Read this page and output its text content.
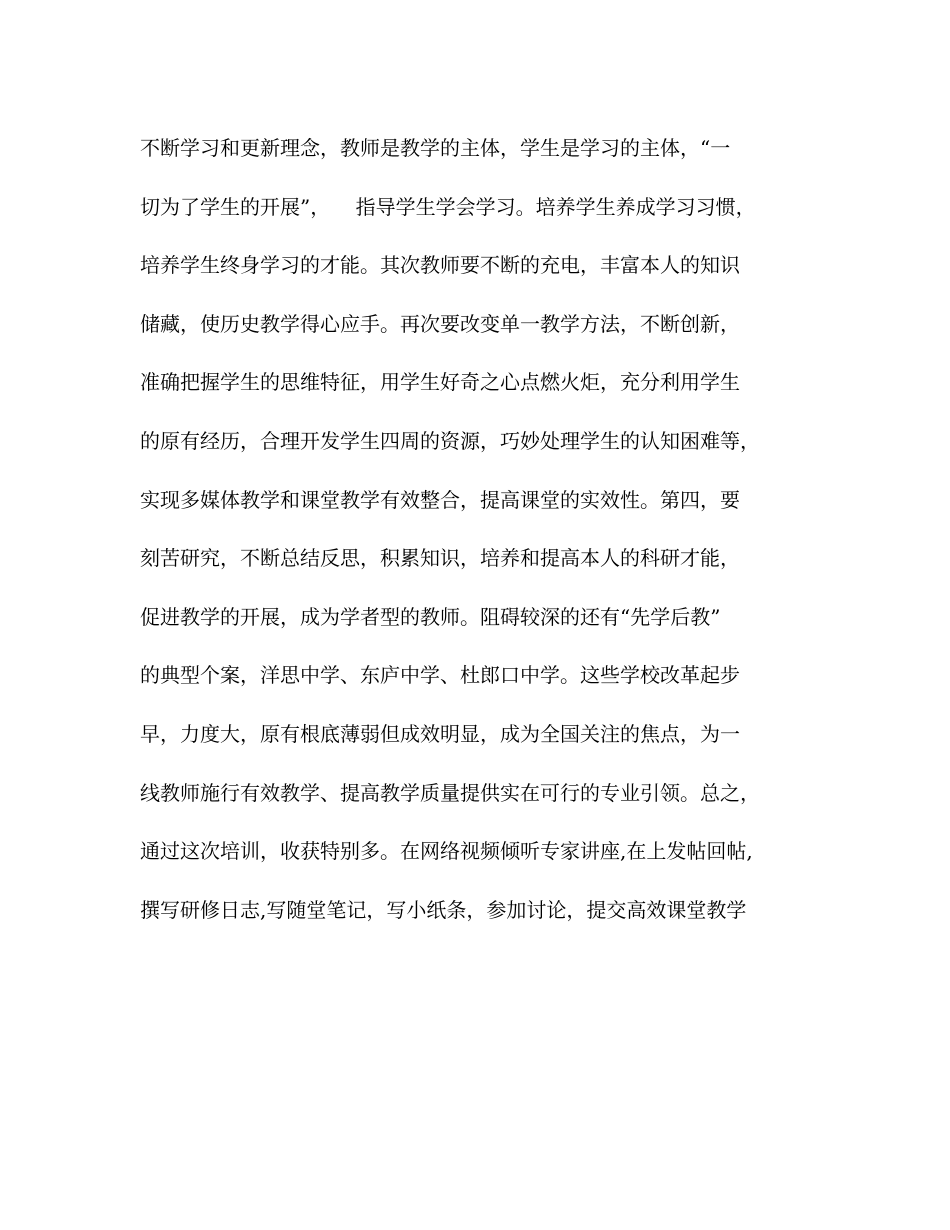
不断学习和更新理念，教师是教学的主体，学生是学习的主体，“一
切为了学生的开展”，    指导学生学会学习。培养学生养成学习习惯，
培养学生终身学习的才能。其次教师要不断的充电，丰富本人的知识
储藏，使历史教学得心应手。再次要改变单一教学方法，不断创新，
准确把握学生的思维特征，用学生好奇之心点燃火炬，充分利用学生
的原有经历，合理开发学生四周的资源，巧妙处理学生的认知困难等，
实现多媒体教学和课堂教学有效整合，提高课堂的实效性。第四，要
刻苦研究，不断总结反思，积累知识，培养和提高本人的科研才能，
促进教学的开展，成为学者型的教师。阻碍较深的还有“先学后教”
的典型个案，洋思中学、东庐中学、杜郎口中学。这些学校改革起步
早，力度大，原有根底薄弱但成效明显，成为全国关注的焦点，为一
线教师施行有效教学、提高教学质量提供实在可行的专业引领。总之，
通过这次培训，收获特别多。在网络视频倾听专家讲座,在上发帖回帖,
撰写研修日志,写随堂笔记，写小纸条，参加讨论，提交高效课堂教学
